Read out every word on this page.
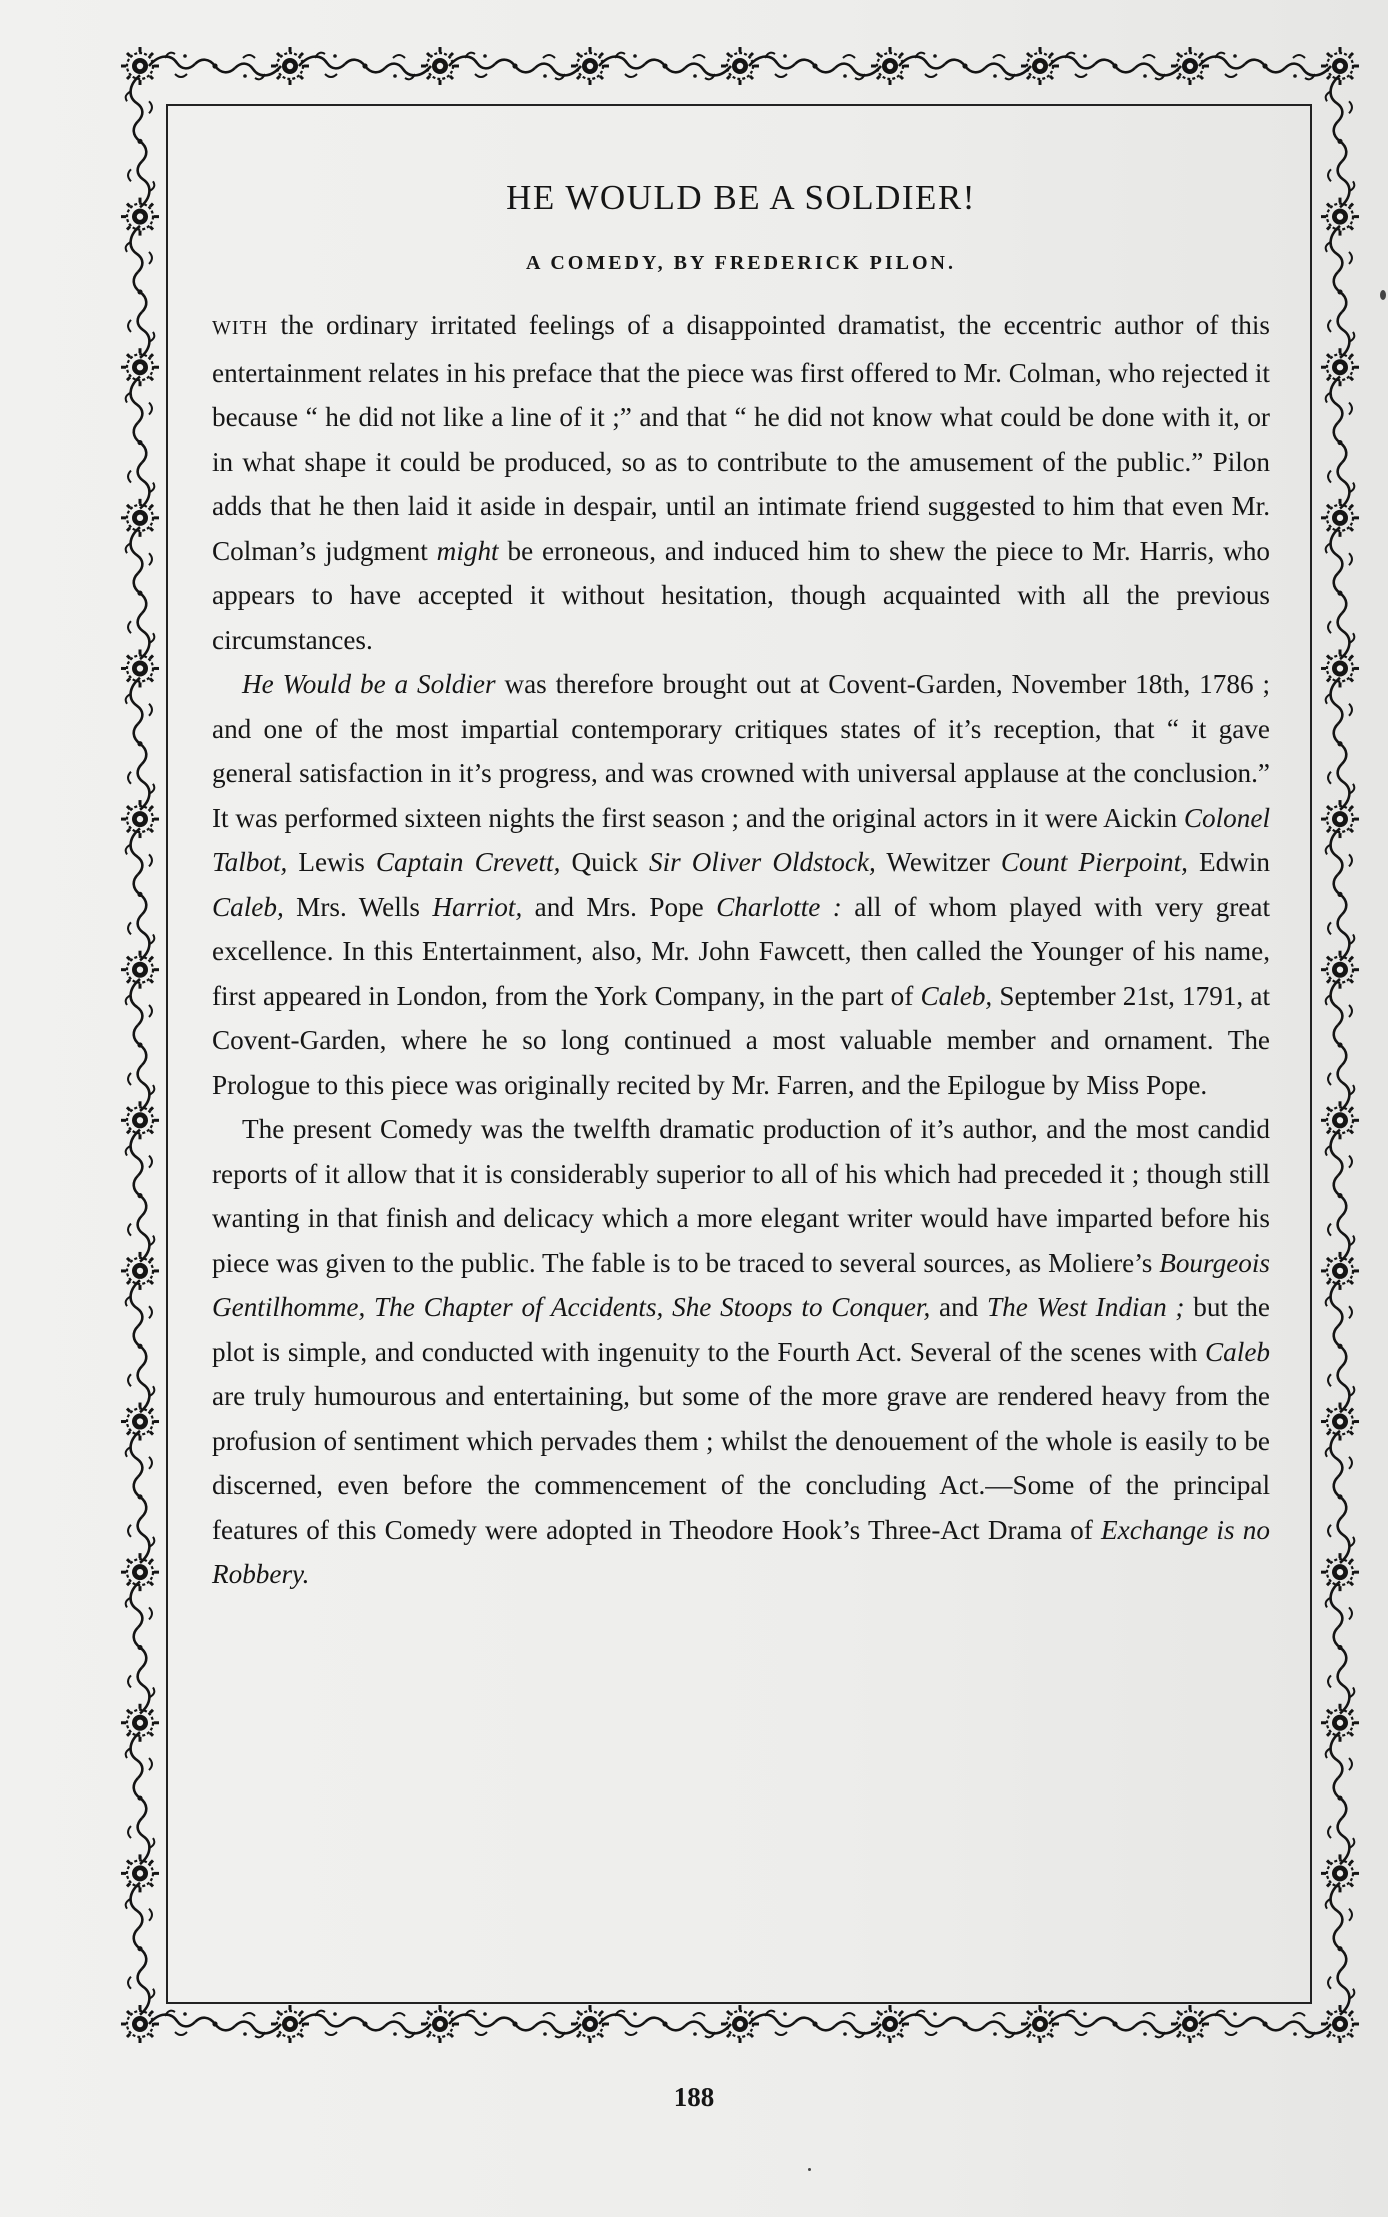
HE WOULD BE A SOLDIER!
A COMEDY, BY FREDERICK PILON.

WITH the ordinary irritated feelings of a disappointed dramatist, the eccentric author of this entertainment relates in his preface that the piece was first offered to Mr. Colman, who rejected it because “ he did not like a line of it ;” and that “ he did not know what could be done with it, or in what shape it could be produced, so as to contribute to the amusement of the public.” Pilon adds that he then laid it aside in despair, until an intimate friend suggested to him that even Mr. Colman’s judgment might be erroneous, and induced him to shew the piece to Mr. Harris, who appears to have accepted it without hesitation, though acquainted with all the previous circumstances.

He Would be a Soldier was therefore brought out at Covent-Garden, November 18th, 1786 ; and one of the most impartial contemporary critiques states of it’s reception, that “ it gave general satisfaction in it’s progress, and was crowned with universal applause at the conclusion.” It was performed sixteen nights the first season ; and the original actors in it were Aickin Colonel Talbot, Lewis Captain Crevett, Quick Sir Oliver Oldstock, Wewitzer Count Pierpoint, Edwin Caleb, Mrs. Wells Harriot, and Mrs. Pope Charlotte : all of whom played with very great excellence. In this Entertainment, also, Mr. John Fawcett, then called the Younger of his name, first appeared in London, from the York Company, in the part of Caleb, September 21st, 1791, at Covent-Garden, where he so long continued a most valuable member and ornament. The Prologue to this piece was originally recited by Mr. Farren, and the Epilogue by Miss Pope.

The present Comedy was the twelfth dramatic production of it’s author, and the most candid reports of it allow that it is considerably superior to all of his which had preceded it ; though still wanting in that finish and delicacy which a more elegant writer would have imparted before his piece was given to the public. The fable is to be traced to several sources, as Moliere’s Bourgeois Gentilhomme, The Chapter of Accidents, She Stoops to Conquer, and The West Indian ; but the plot is simple, and conducted with ingenuity to the Fourth Act. Several of the scenes with Caleb are truly humourous and entertaining, but some of the more grave are rendered heavy from the profusion of sentiment which pervades them ; whilst the denouement of the whole is easily to be discerned, even before the commencement of the concluding Act.—Some of the principal features of this Comedy were adopted in Theodore Hook’s Three-Act Drama of Exchange is no Robbery.

188
